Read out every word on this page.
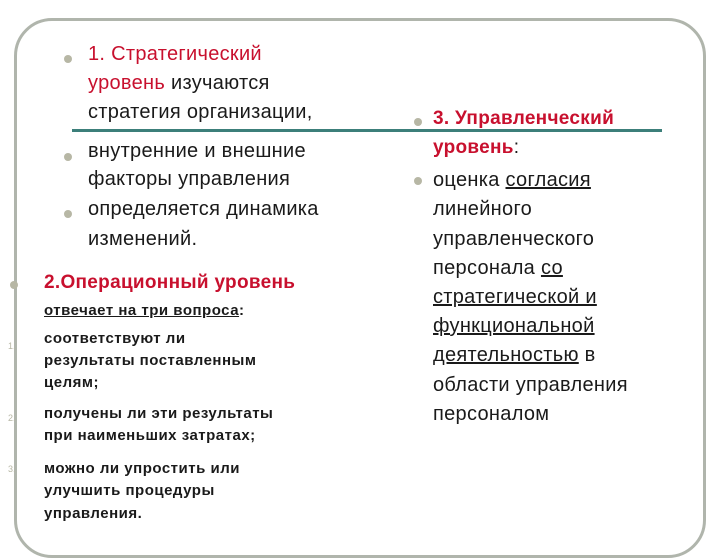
1. Стратегический
уровень изучаются
стратегия организации,
внутренние и внешние
факторы управления
определяется динамика
изменений.
2.Операционный уровень
отвечает на три вопроса:
1. соответствуют ли
результаты поставленным
целям;
2. получены ли эти результаты
при наименьших затратах;
3. можно ли упростить или
улучшить процедуры
управления.
3. Управленческий
уровень:
оценка согласия
линейного
управленческого
персонала со
стратегической и
функциональной
деятельностью в
области управления
персоналом
